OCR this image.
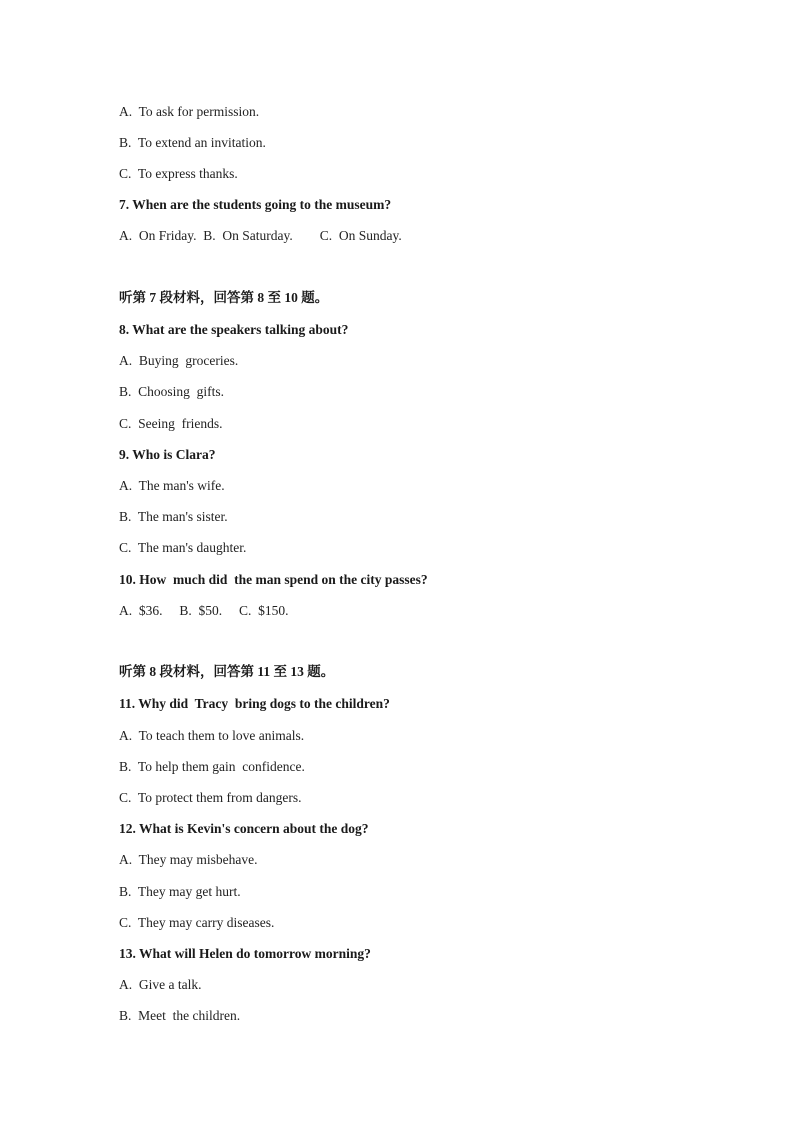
A.  To ask for permission.
B.  To extend an invitation.
C.  To express thanks.
7. When are the students going to the museum?
A.  On Friday.  B.  On Saturday.        C.  On Sunday.
听第 7 段材料，回答第 8 至 10 题。
8. What are the speakers talking about?
A.  Buying  groceries.
B.  Choosing  gifts.
C.  Seeing  friends.
9. Who is Clara?
A.  The man's wife.
B.  The man's sister.
C.  The man's daughter.
10. How  much did  the man spend on the city passes?
A.  $36.     B.  $50.     C.  $150.
听第 8 段材料，回答第 11 至 13 题。
11. Why did  Tracy  bring dogs to the children?
A.  To teach them to love animals.
B.  To help them gain  confidence.
C.  To protect them from dangers.
12. What is Kevin's concern about the dog?
A.  They may misbehave.
B.  They may get hurt.
C.  They may carry diseases.
13. What will Helen do tomorrow morning?
A.  Give a talk.
B.  Meet  the children.
